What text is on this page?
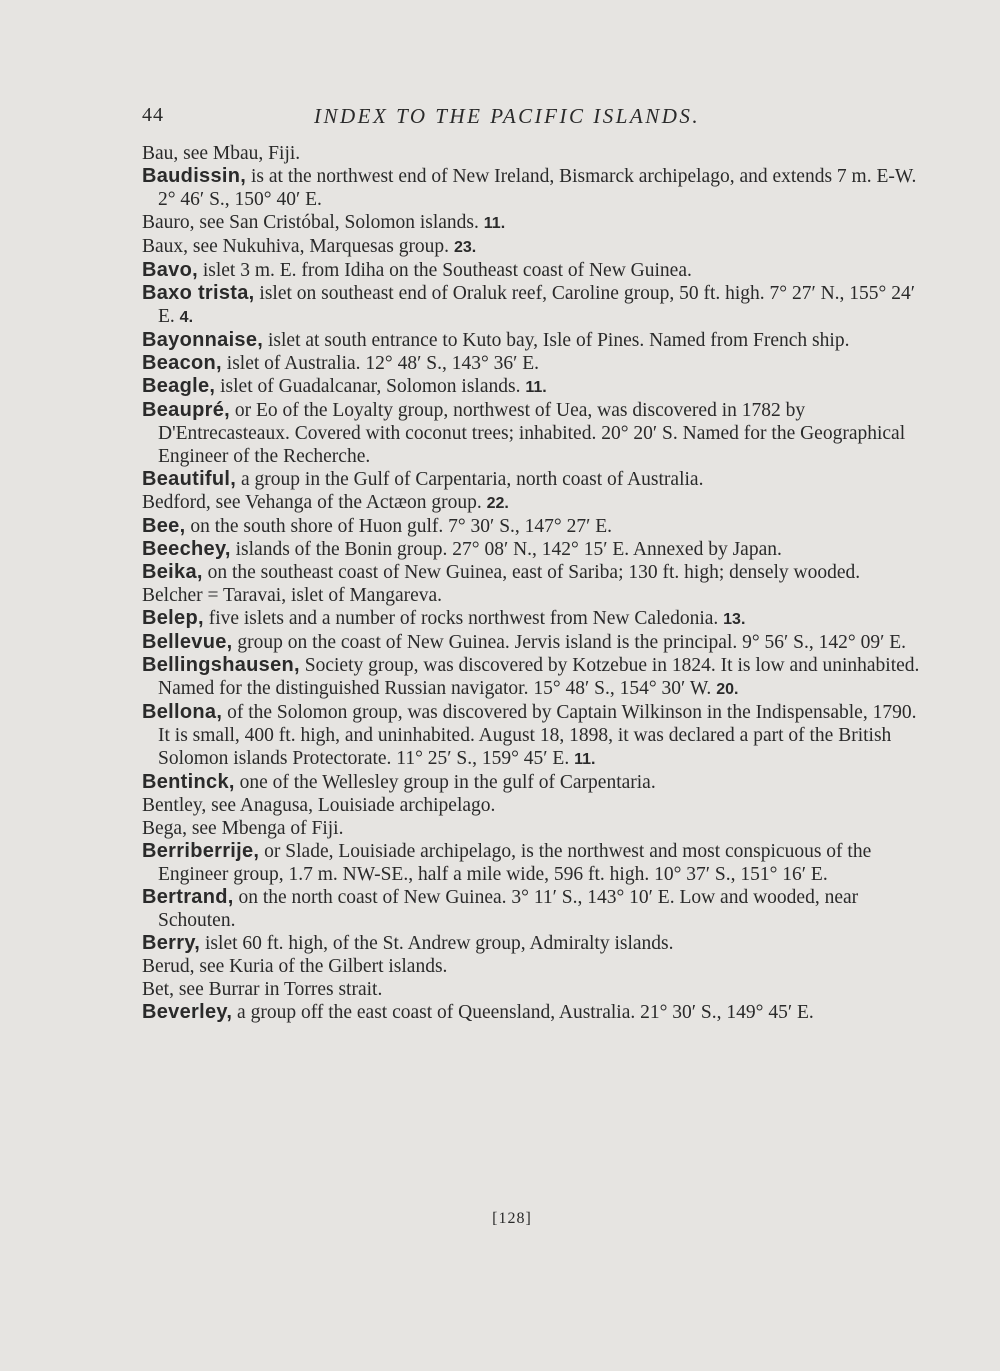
44	INDEX TO THE PACIFIC ISLANDS.

Bau, see Mbau, Fiji.

Baudissin, is at the northwest end of New Ireland, Bismarck archipelago, and extends 7 m. E-W. 2° 46′ S., 150° 40′ E.

Bauro, see San Cristóbal, Solomon islands. 11.

Baux, see Nukuhiva, Marquesas group. 23.

Bavo, islet 3 m. E. from Idiha on the Southeast coast of New Guinea.

Baxo trista, islet on southeast end of Oraluk reef, Caroline group, 50 ft. high. 7° 27′ N., 155° 24′ E. 4.

Bayonnaise, islet at south entrance to Kuto bay, Isle of Pines. Named from French ship.

Beacon, islet of Australia. 12° 48′ S., 143° 36′ E.

Beagle, islet of Guadalcanar, Solomon islands. 11.

Beaupré, or Eo of the Loyalty group, northwest of Uea, was discovered in 1782 by D'Entrecasteaux. Covered with coconut trees; inhabited. 20° 20′ S. Named for the Geographical Engineer of the Recherche.

Beautiful, a group in the Gulf of Carpentaria, north coast of Australia.

Bedford, see Vehanga of the Actæon group. 22.

Bee, on the south shore of Huon gulf. 7° 30′ S., 147° 27′ E.

Beechey, islands of the Bonin group. 27° 08′ N., 142° 15′ E. Annexed by Japan.

Beika, on the southeast coast of New Guinea, east of Sariba; 130 ft. high; densely wooded.

Belcher = Taravai, islet of Mangareva.

Belep, five islets and a number of rocks northwest from New Caledonia. 13.

Bellevue, group on the coast of New Guinea. Jervis island is the principal. 9° 56′ S., 142° 09′ E.

Bellingshausen, Society group, was discovered by Kotzebue in 1824. It is low and uninhabited. Named for the distinguished Russian navigator. 15° 48′ S., 154° 30′ W. 20.

Bellona, of the Solomon group, was discovered by Captain Wilkinson in the Indispensable, 1790. It is small, 400 ft. high, and uninhabited. August 18, 1898, it was declared a part of the British Solomon islands Protectorate. 11° 25′ S., 159° 45′ E. 11.

Bentinck, one of the Wellesley group in the gulf of Carpentaria.

Bentley, see Anagusa, Louisiade archipelago.

Bega, see Mbenga of Fiji.

Berriberrije, or Slade, Louisiade archipelago, is the northwest and most conspicuous of the Engineer group, 1.7 m. NW-SE., half a mile wide, 596 ft. high. 10° 37′ S., 151° 16′ E.

Bertrand, on the north coast of New Guinea. 3° 11′ S., 143° 10′ E. Low and wooded, near Schouten.

Berry, islet 60 ft. high, of the St. Andrew group, Admiralty islands.

Berud, see Kuria of the Gilbert islands.

Bet, see Burrar in Torres strait.

Beverley, a group off the east coast of Queensland, Australia. 21° 30′ S., 149° 45′ E.

[128]
